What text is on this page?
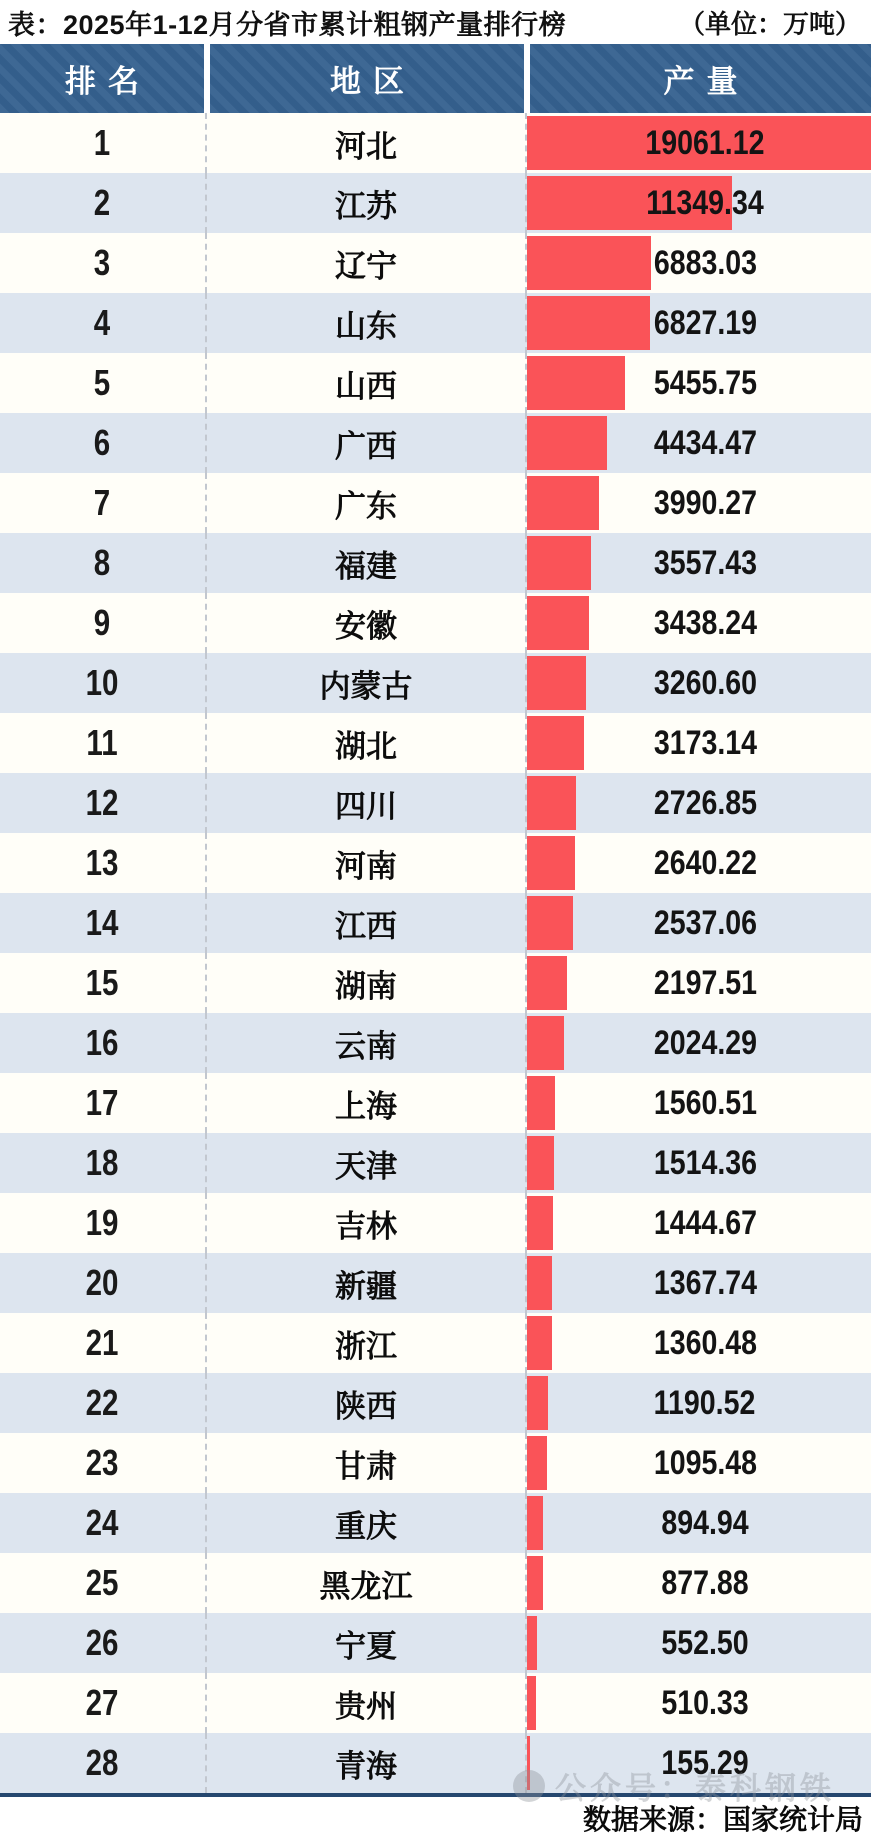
表：2025年1-12月分省市累计粗钢产量排行榜	（单位：万吨）
排名	地区	产量
1	河北	19061.12
2	江苏	11349.34
3	辽宁	6883.03
4	山东	6827.19
5	山西	5455.75
6	广西	4434.47
7	广东	3990.27
8	福建	3557.43
9	安徽	3438.24
10	内蒙古	3260.60
11	湖北	3173.14
12	四川	2726.85
13	河南	2640.22
14	江西	2537.06
15	湖南	2197.51
16	云南	2024.29
17	上海	1560.51
18	天津	1514.36
19	吉林	1444.67
20	新疆	1367.74
21	浙江	1360.48
22	陕西	1190.52
23	甘肃	1095.48
24	重庆	894.94
25	黑龙江	877.88
26	宁夏	552.50
27	贵州	510.33
28	青海	155.29
数据来源：国家统计局
公众号：泰科钢铁
